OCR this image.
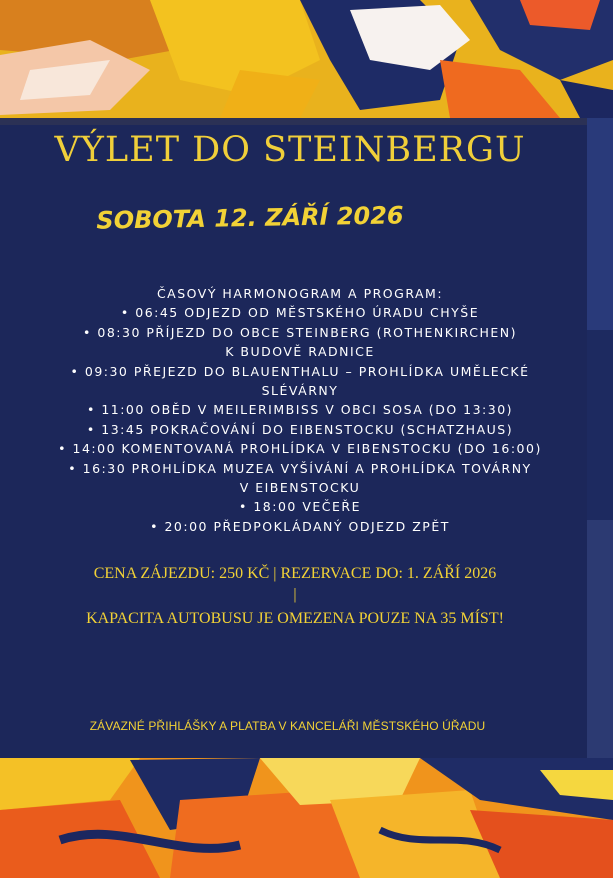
VÝLET DO STEINBERGU
SOBOTA 12. ZÁŘÍ 2026
ČASOVÝ HARMONOGRAM A PROGRAM:
• 06:45 ODJEZD OD MĚSTSKÉHO ÚRADU CHYŠE
• 08:30 PŘÍJEZD DO OBCE STEINBERG (ROTHENKIRCHEN)
K BUDOVĚ RADNICE
• 09:30 PŘEJEZD DO BLAUENTHALU – PROHLÍDKA UMĚLECKÉ
SLÉVÁRNY
• 11:00 OBĚD V MEILERIMBISS V OBCI SOSA (DO 13:30)
• 13:45 POKRAČOVÁNÍ DO EIBENSTOCKU (SCHATZHAUS)
• 14:00 KOMENTOVANÁ PROHLÍDKA V EIBENSTOCKU (DO 16:00)
• 16:30 PROHLÍDKA MUZEA VYŠÍVÁNÍ A PROHLÍDKA TOVÁRNY
V EIBENSTOCKU
• 18:00 VEČEŘE
• 20:00 PŘEDPOKLÁDANÝ ODJEZD ZPĚT
CENA ZÁJEZDU: 250 KČ | REZERVACE DO: 1. ZÁŘÍ 2026
|
KAPACITA AUTOBUSU JE OMEZENA POUZE NA 35 MÍST!
ZÁVAZNÉ PŘIHLÁŠKY A PLATBA V KANCELÁŘI MĚSTSKÉHO ÚŘADU
